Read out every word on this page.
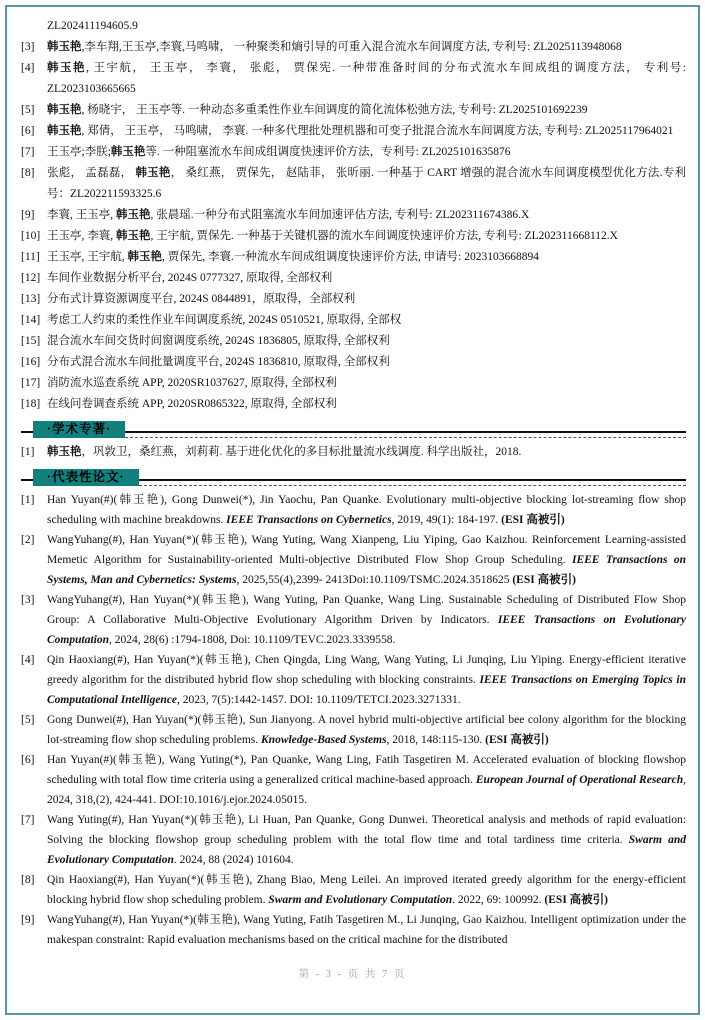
ZL202411194605.9
[3]	韩玉艳,李车翔,王玉亭,李寰,马鸣啸， 一种聚类和熵引导的可重入混合流水车间调度方法, 专利号: ZL2025113948068
[4]	韩玉艳, 王宇航， 王玉亭， 李寰， 张彪， 贾保宪. 一种带准备时间的分布式流水车间成组的调度方法， 专利号: ZL2023103665665
[5]	韩玉艳, 杨晓宇， 王玉亭等. 一种动态多重柔性作业车间调度的简化流体松弛方法, 专利号: ZL2025101692239
[6]	韩玉艳, 郑倩， 王玉亭， 马鸣啸， 李寰. 一种多代理批处理机器和可变子批混合流水车间调度方法, 专利号: ZL2025117964021
[7]	王玉亭;李朕;韩玉艳等. 一种阻塞流水车间成组调度快速评价方法，专利号: ZL2025101635876
[8]	张彪， 孟磊磊， 韩玉艳， 桑红燕， 贾保先， 赵陆菲， 张昕丽. 一种基于 CART 增强的混合流水车间调度模型优化方法.专利号：ZL202211593325.6
[9]	李寰, 王玉亭, 韩玉艳, 张晨瑶.一种分布式阻塞流水车间加速评估方法, 专利号: ZL202311674386.X
[10] 王玉亭, 李寰, 韩玉艳, 王宇航, 贾保先. 一种基于关键机器的流水车间调度快速评价方法, 专利号: ZL202311668112.X
[11] 王玉亭, 王宇航, 韩玉艳, 贾保先, 李寰.一种流水车间成组调度快速评价方法, 申请号: 2023103668894
[12] 车间作业数据分析平台, 2024S 0777327, 原取得, 全部权利
[13] 分布式计算资源调度平台, 2024S 0844891，原取得，全部权利
[14] 考虑工人约束的柔性作业车间调度系统, 2024S 0510521, 原取得, 全部权
[15] 混合流水车间交货时间窗调度系统, 2024S 1836805, 原取得, 全部权利
[16] 分布式混合流水车间批量调度平台, 2024S 1836810, 原取得, 全部权利
[17] 消防流水巡查系统 APP, 2020SR1037627, 原取得, 全部权利
[18] 在线问卷调查系统 APP, 2020SR0865322, 原取得, 全部权利
·学术专著·
[1]	韩玉艳，巩敦卫，桑红燕，刘莉莉. 基于进化优化的多目标批量流水线调度. 科学出版社，2018.
·代表性论文·
[1]	Han Yuyan(#)(韩玉艳), Gong Dunwei(*), Jin Yaochu, Pan Quanke. Evolutionary multi-objective blocking lot-streaming flow shop scheduling with machine breakdowns. IEEE Transactions on Cybernetics, 2019, 49(1): 184-197. (ESI 高被引)
[2]	WangYuhang(#), Han Yuyan(*)(韩玉艳), Wang Yuting, Wang Xianpeng, Liu Yiping, Gao Kaizhou. Reinforcement Learning-assisted Memetic Algorithm for Sustainability-oriented Multi-objective Distributed Flow Shop Group Scheduling. IEEE Transactions on Systems, Man and Cybernetics: Systems, 2025,55(4),2399- 2413Doi:10.1109/TSMC.2024.3518625 (ESI 高被引)
[3]	WangYuhang(#), Han Yuyan(*)(韩玉艳), Wang Yuting, Pan Quanke, Wang Ling. Sustainable Scheduling of Distributed Flow Shop Group: A Collaborative Multi-Objective Evolutionary Algorithm Driven by Indicators. IEEE Transactions on Evolutionary Computation, 2024, 28(6) :1794-1808, Doi: 10.1109/TEVC.2023.3339558.
[4]	Qin Haoxiang(#), Han Yuyan(*)(韩玉艳), Chen Qingda, Ling Wang, Wang Yuting, Li Junqing, Liu Yiping. Energy-efficient iterative greedy algorithm for the distributed hybrid flow shop scheduling with blocking constraints. IEEE Transactions on Emerging Topics in Computational Intelligence, 2023, 7(5):1442-1457. DOI: 10.1109/TETCI.2023.3271331.
[5]	Gong Dunwei(#), Han Yuyan(*)(韩玉艳), Sun Jianyong. A novel hybrid multi-objective artificial bee colony algorithm for the blocking lot-streaming flow shop scheduling problems. Knowledge-Based Systems, 2018, 148:115-130. (ESI 高被引)
[6]	Han Yuyan(#)(韩玉艳), Wang Yuting(*), Pan Quanke, Wang Ling, Fatih Tasgetiren M. Accelerated evaluation of blocking flowshop scheduling with total flow time criteria using a generalized critical machine-based approach. European Journal of Operational Research, 2024, 318,(2), 424-441. DOI:10.1016/j.ejor.2024.05015.
[7]	Wang Yuting(#), Han Yuyan(*)(韩玉艳), Li Huan, Pan Quanke, Gong Dunwei. Theoretical analysis and methods of rapid evaluation: Solving the blocking flowshop group scheduling problem with the total flow time and total tardiness time criteria. Swarm and Evolutionary Computation. 2024, 88 (2024) 101604.
[8]	Qin Haoxiang(#), Han Yuyan(*)(韩玉艳), Zhang Biao, Meng Leilei. An improved iterated greedy algorithm for the energy-efficient blocking hybrid flow shop scheduling problem. Swarm and Evolutionary Computation. 2022, 69: 100992. (ESI 高被引)
[9]	WangYuhang(#), Han Yuyan(*)(韩玉艳), Wang Yuting, Fatih Tasgetiren M., Li Junqing, Gao Kaizhou. Intelligent optimization under the makespan constraint: Rapid evaluation mechanisms based on the critical machine for the distributed
第 - 3 - 页 共 7 页
